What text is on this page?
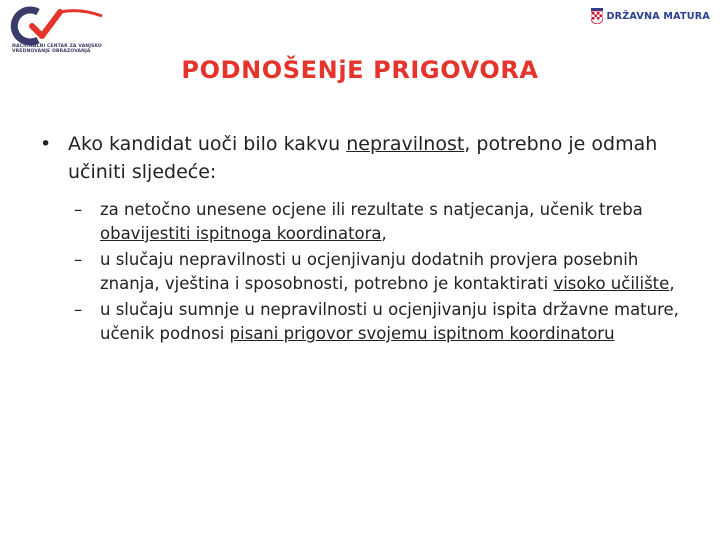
NACIONALNI CENTAR ZA VANJSKO VREDNOVANJE OBRAZOVANJA
DRŽAVNA MATURA
PODNOŠENjE PRIGOVORA
• Ako kandidat uoči bilo kakvu nepravilnost, potrebno je odmah učiniti sljedeće:
–	za netočno unesene ocjene ili rezultate s natjecanja, učenik treba obavijestiti ispitnoga koordinatora,
–	u slučaju nepravilnosti u ocjenjivanju dodatnih provjera posebnih znanja, vještina i sposobnosti, potrebno je kontaktirati visoko učilište,
–	u slučaju sumnje u nepravilnosti u ocjenjivanju ispita državne mature, učenik podnosi pisani prigovor svojemu ispitnom koordinatoru
